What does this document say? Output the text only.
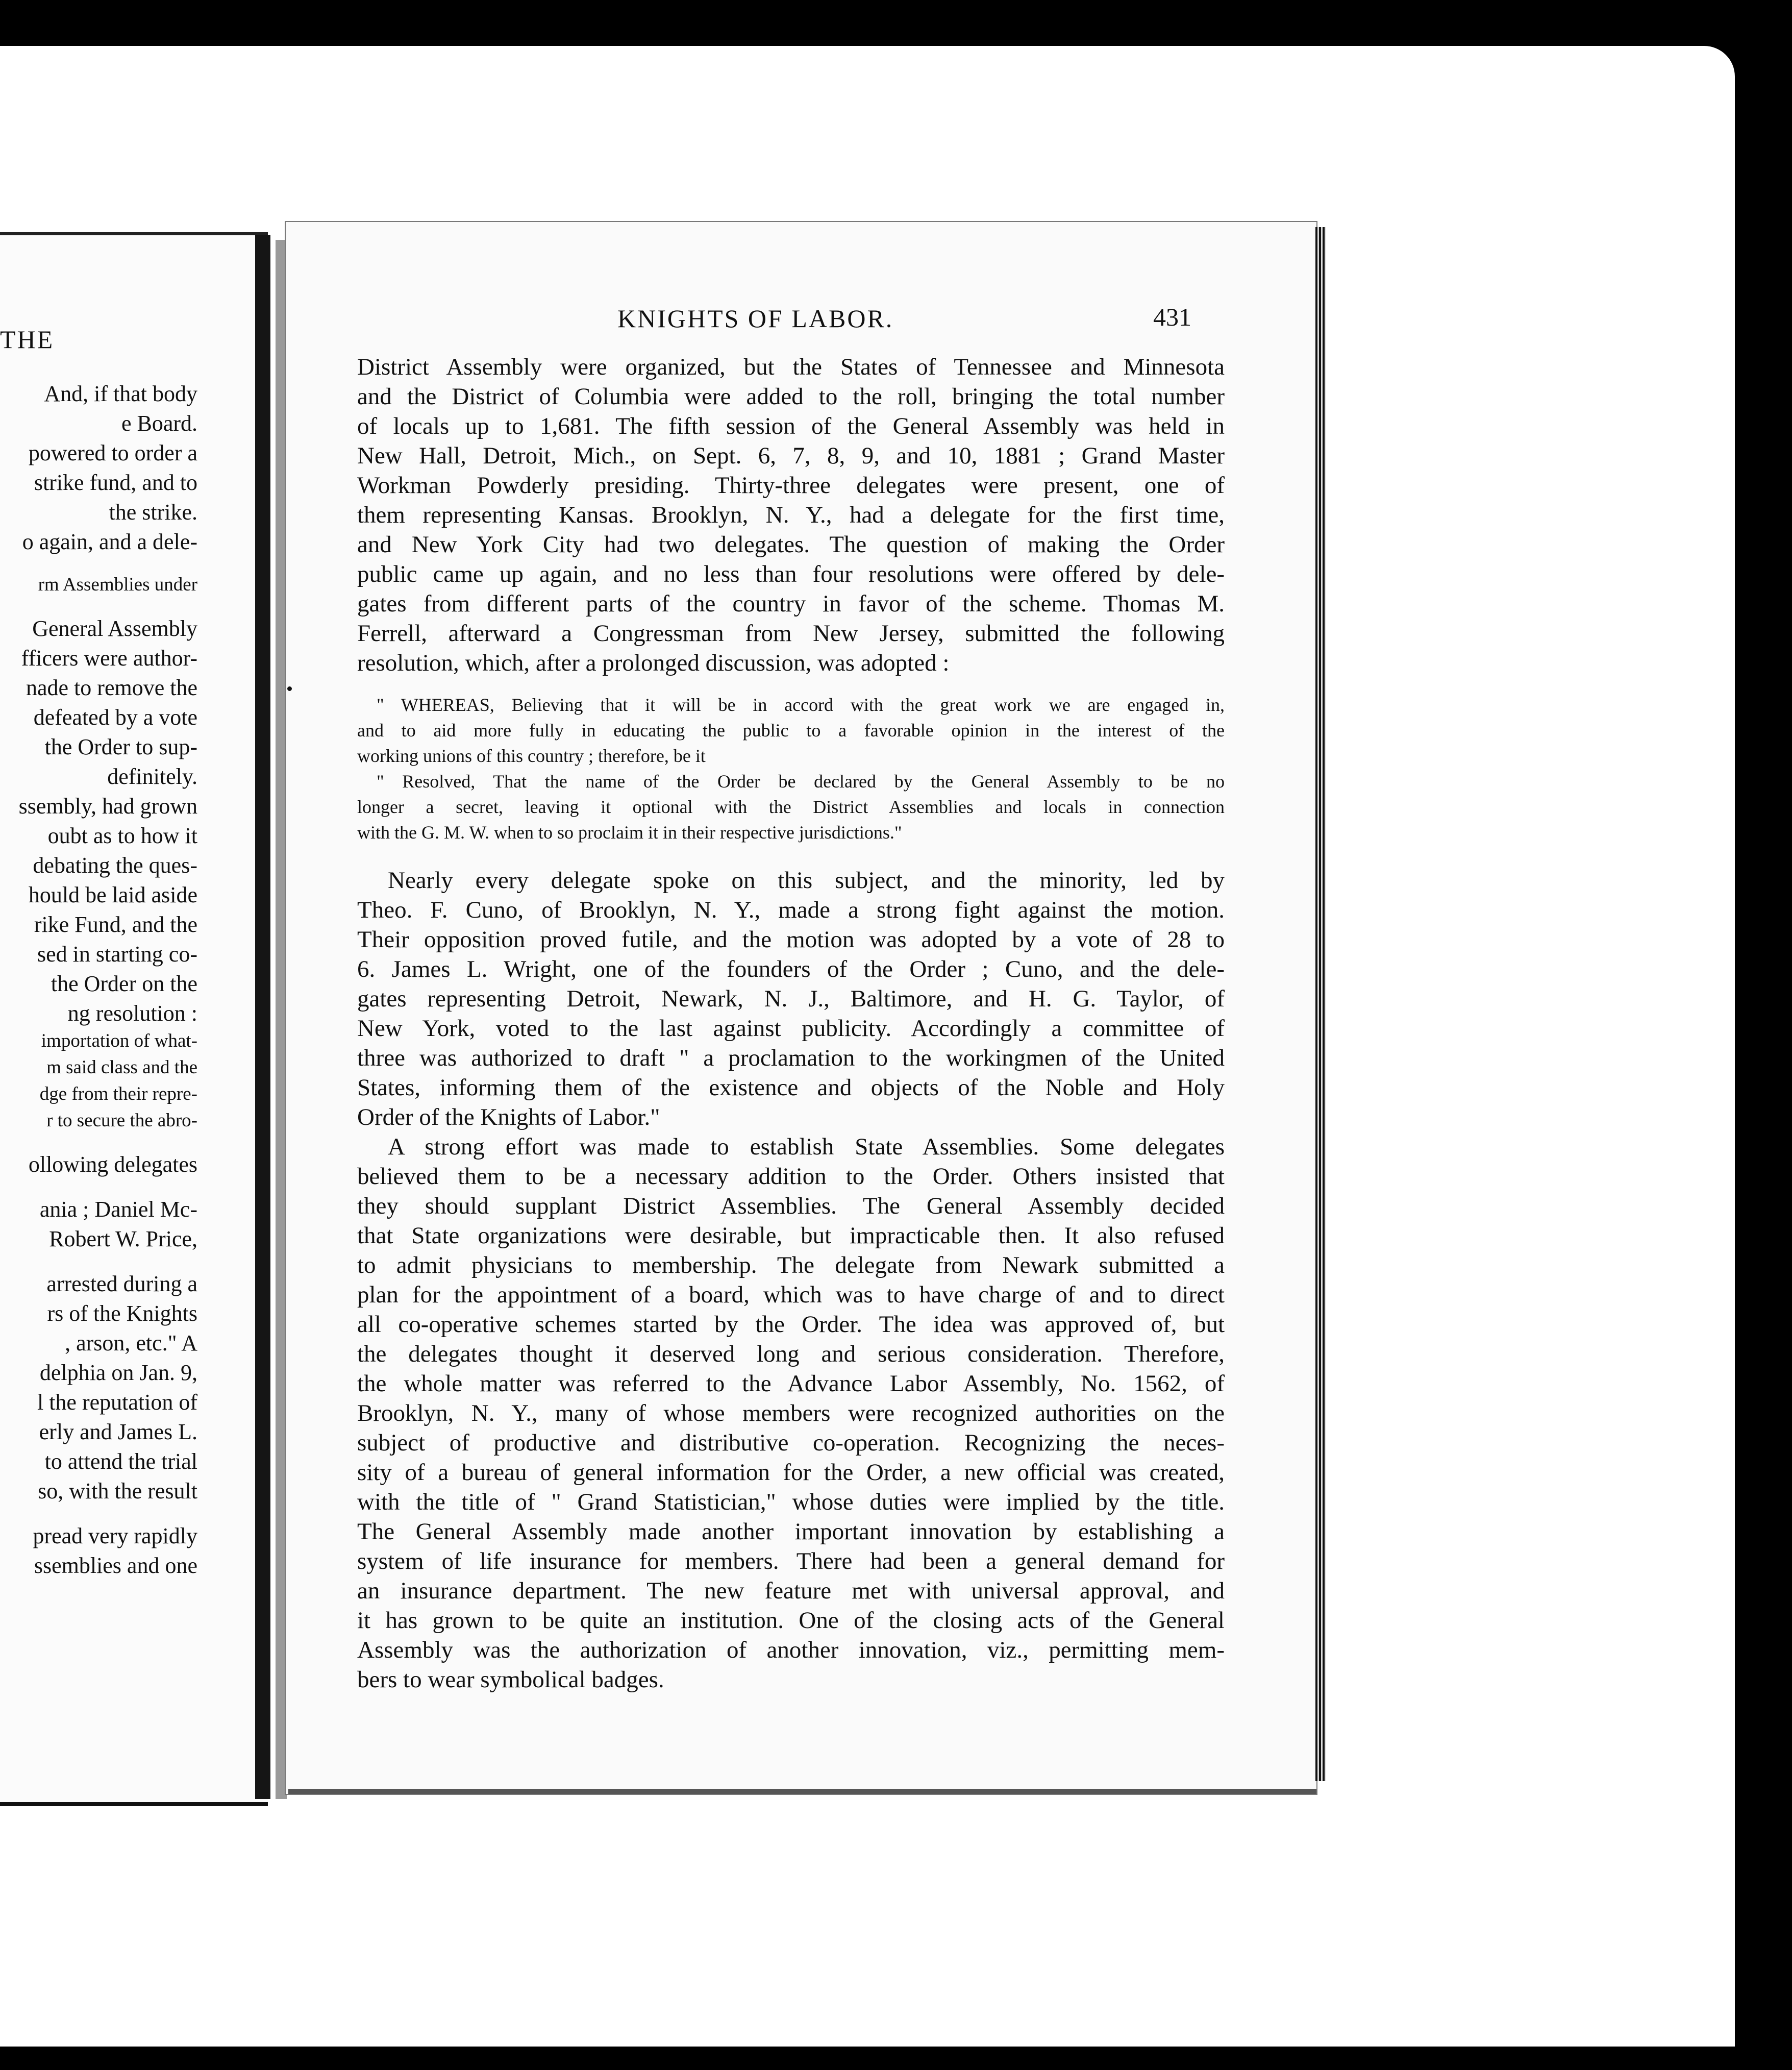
THE
And, if that body
e Board.
powered to order a
strike fund, and to
the strike.
o again, and a dele-
rm Assemblies under
General Assembly
fficers were author-
nade to remove the
defeated by a vote
the Order to sup-
definitely.
ssembly, had grown
oubt as to how it
debating the ques-
hould be laid aside
rike Fund, and the
sed in starting co-
the Order on the
ng resolution :
importation of what-
m said class and the
dge from their repre-
r to secure the abro-
ollowing delegates
ania ; Daniel Mc-
Robert W. Price,
arrested during a
rs of the Knights
, arson, etc." A
delphia on Jan. 9,
l the reputation of
erly and James L.
to attend the trial
so, with the result
pread very rapidly
ssemblies and one
KNIGHTS OF LABOR.	431
District Assembly were organized, but the States of Tennessee and Minnesota
and the District of Columbia were added to the roll, bringing the total number
of locals up to 1,681. The fifth session of the General Assembly was held in
New Hall, Detroit, Mich., on Sept. 6, 7, 8, 9, and 10, 1881 ; Grand Master
Workman Powderly presiding. Thirty-three delegates were present, one of
them representing Kansas. Brooklyn, N. Y., had a delegate for the first time,
and New York City had two delegates. The question of making the Order
public came up again, and no less than four resolutions were offered by dele-
gates from different parts of the country in favor of the scheme. Thomas M.
Ferrell, afterward a Congressman from New Jersey, submitted the following
resolution, which, after a prolonged discussion, was adopted :
" WHEREAS, Believing that it will be in accord with the great work we are engaged in,
and to aid more fully in educating the public to a favorable opinion in the interest of the
working unions of this country ; therefore, be it
" Resolved, That the name of the Order be declared by the General Assembly to be no
longer a secret, leaving it optional with the District Assemblies and locals in connection
with the G. M. W. when to so proclaim it in their respective jurisdictions."
Nearly every delegate spoke on this subject, and the minority, led by
Theo. F. Cuno, of Brooklyn, N. Y., made a strong fight against the motion.
Their opposition proved futile, and the motion was adopted by a vote of 28 to
6. James L. Wright, one of the founders of the Order ; Cuno, and the dele-
gates representing Detroit, Newark, N. J., Baltimore, and H. G. Taylor, of
New York, voted to the last against publicity. Accordingly a committee of
three was authorized to draft " a proclamation to the workingmen of the United
States, informing them of the existence and objects of the Noble and Holy
Order of the Knights of Labor."
A strong effort was made to establish State Assemblies. Some delegates
believed them to be a necessary addition to the Order. Others insisted that
they should supplant District Assemblies. The General Assembly decided
that State organizations were desirable, but impracticable then. It also refused
to admit physicians to membership. The delegate from Newark submitted a
plan for the appointment of a board, which was to have charge of and to direct
all co-operative schemes started by the Order. The idea was approved of, but
the delegates thought it deserved long and serious consideration. Therefore,
the whole matter was referred to the Advance Labor Assembly, No. 1562, of
Brooklyn, N. Y., many of whose members were recognized authorities on the
subject of productive and distributive co-operation. Recognizing the neces-
sity of a bureau of general information for the Order, a new official was created,
with the title of " Grand Statistician," whose duties were implied by the title.
The General Assembly made another important innovation by establishing a
system of life insurance for members. There had been a general demand for
an insurance department. The new feature met with universal approval, and
it has grown to be quite an institution. One of the closing acts of the General
Assembly was the authorization of another innovation, viz., permitting mem-
bers to wear symbolical badges.
